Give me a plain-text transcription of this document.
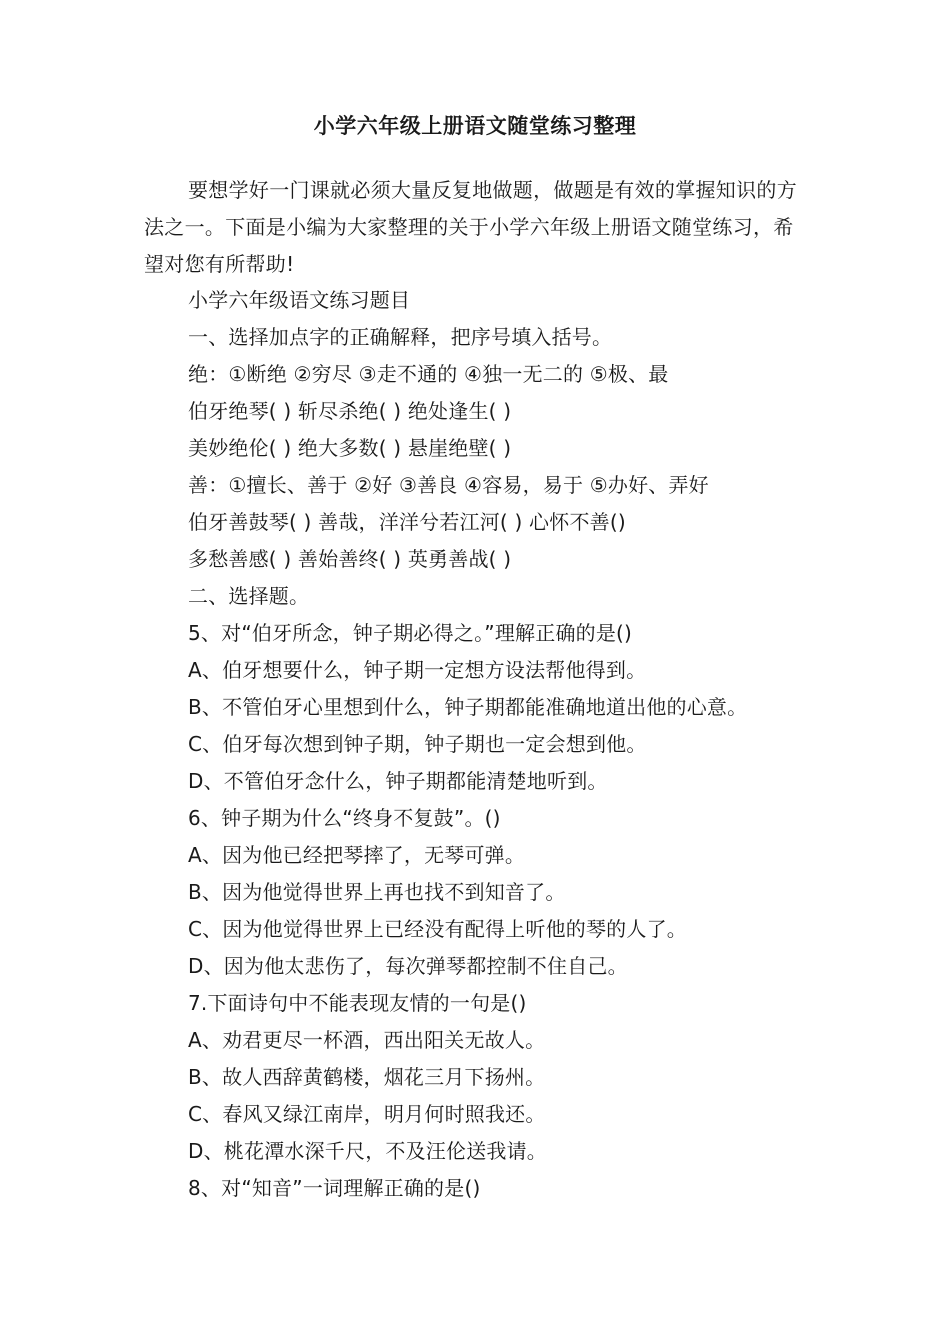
小学六年级上册语文随堂练习整理
要想学好一门课就必须大量反复地做题，做题是有效的掌握知识的方法之一。下面是小编为大家整理的关于小学六年级上册语文随堂练习，希望对您有所帮助!
小学六年级语文练习题目
一、选择加点字的正确解释，把序号填入括号。
绝：①断绝 ②穷尽 ③走不通的 ④独一无二的 ⑤极、最
伯牙绝琴( ) 斩尽杀绝( ) 绝处逢生( )
美妙绝伦( ) 绝大多数( ) 悬崖绝壁( )
善：①擅长、善于 ②好 ③善良 ④容易，易于 ⑤办好、弄好
伯牙善鼓琴( ) 善哉，洋洋兮若江河( ) 心怀不善()
多愁善感( ) 善始善终( ) 英勇善战( )
二、选择题。
5、对“伯牙所念，钟子期必得之。”理解正确的是()
A、伯牙想要什么，钟子期一定想方设法帮他得到。
B、不管伯牙心里想到什么，钟子期都能准确地道出他的心意。
C、伯牙每次想到钟子期，钟子期也一定会想到他。
D、不管伯牙念什么，钟子期都能清楚地听到。
6、钟子期为什么“终身不复鼓”。()
A、因为他已经把琴摔了，无琴可弹。
B、因为他觉得世界上再也找不到知音了。
C、因为他觉得世界上已经没有配得上听他的琴的人了。
D、因为他太悲伤了，每次弹琴都控制不住自己。
7.下面诗句中不能表现友情的一句是()
A、劝君更尽一杯酒，西出阳关无故人。
B、故人西辞黄鹤楼，烟花三月下扬州。
C、春风又绿江南岸，明月何时照我还。
D、桃花潭水深千尺，不及汪伦送我请。
8、对“知音”一词理解正确的是()
